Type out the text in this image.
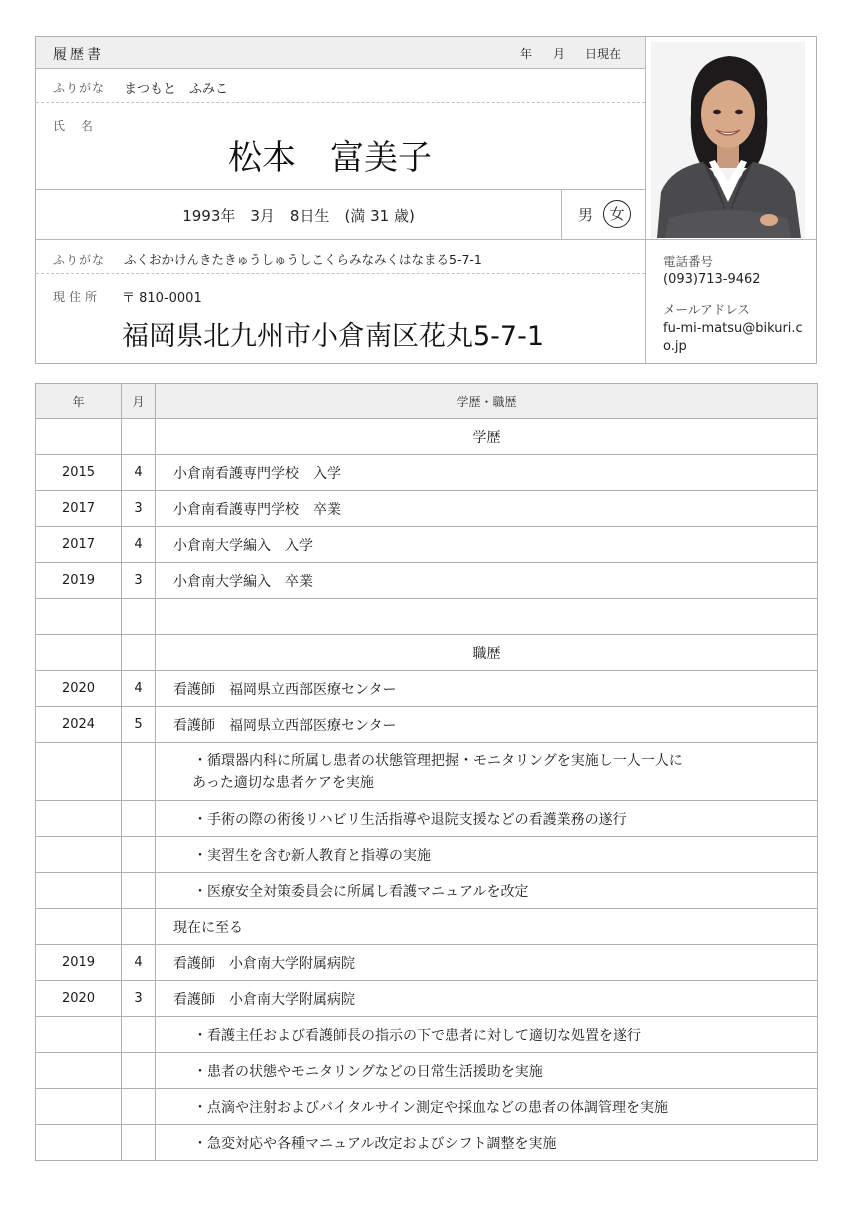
履歴書	年 月 日現在
ふりがな まつもと　ふみこ
氏 名
松本　富美子
1993年　3月　8日生　(満 31 歳)	男	女
ふりがな ふくおかけんきたきゅうしゅうしこくらみなみくはなまる5-7-1
現住所 〒 810-0001
福岡県北九州市小倉南区花丸5-7-1
電話番号
(093)713-9462
メールアドレス
fu-mi-matsu@bikuri.c
o.jp
年	月	学歴・職歴
		学歴
2015	4	小倉南看護専門学校　入学
2017	3	小倉南看護専門学校　卒業
2017	4	小倉南大学編入　入学
2019	3	小倉南大学編入　卒業

		職歴
2020	4	看護師　福岡県立西部医療センター
2024	5	看護師　福岡県立西部医療センター

		・循環器内科に所属し患者の状態管理把握・モニタリングを実施し一人一人に
あった適切な患者ケアを実施

		・手術の際の術後リハビリ生活指導や退院支援などの看護業務の遂行
		・実習生を含む新人教育と指導の実施
		・医療安全対策委員会に所属し看護マニュアルを改定
		現在に至る
2019	4	看護師　小倉南大学附属病院
2020	3	看護師　小倉南大学附属病院
		・看護主任および看護師長の指示の下で患者に対して適切な処置を遂行
		・患者の状態やモニタリングなどの日常生活援助を実施
		・点滴や注射およびバイタルサイン測定や採血などの患者の体調管理を実施
		・急変対応や各種マニュアル改定およびシフト調整を実施
